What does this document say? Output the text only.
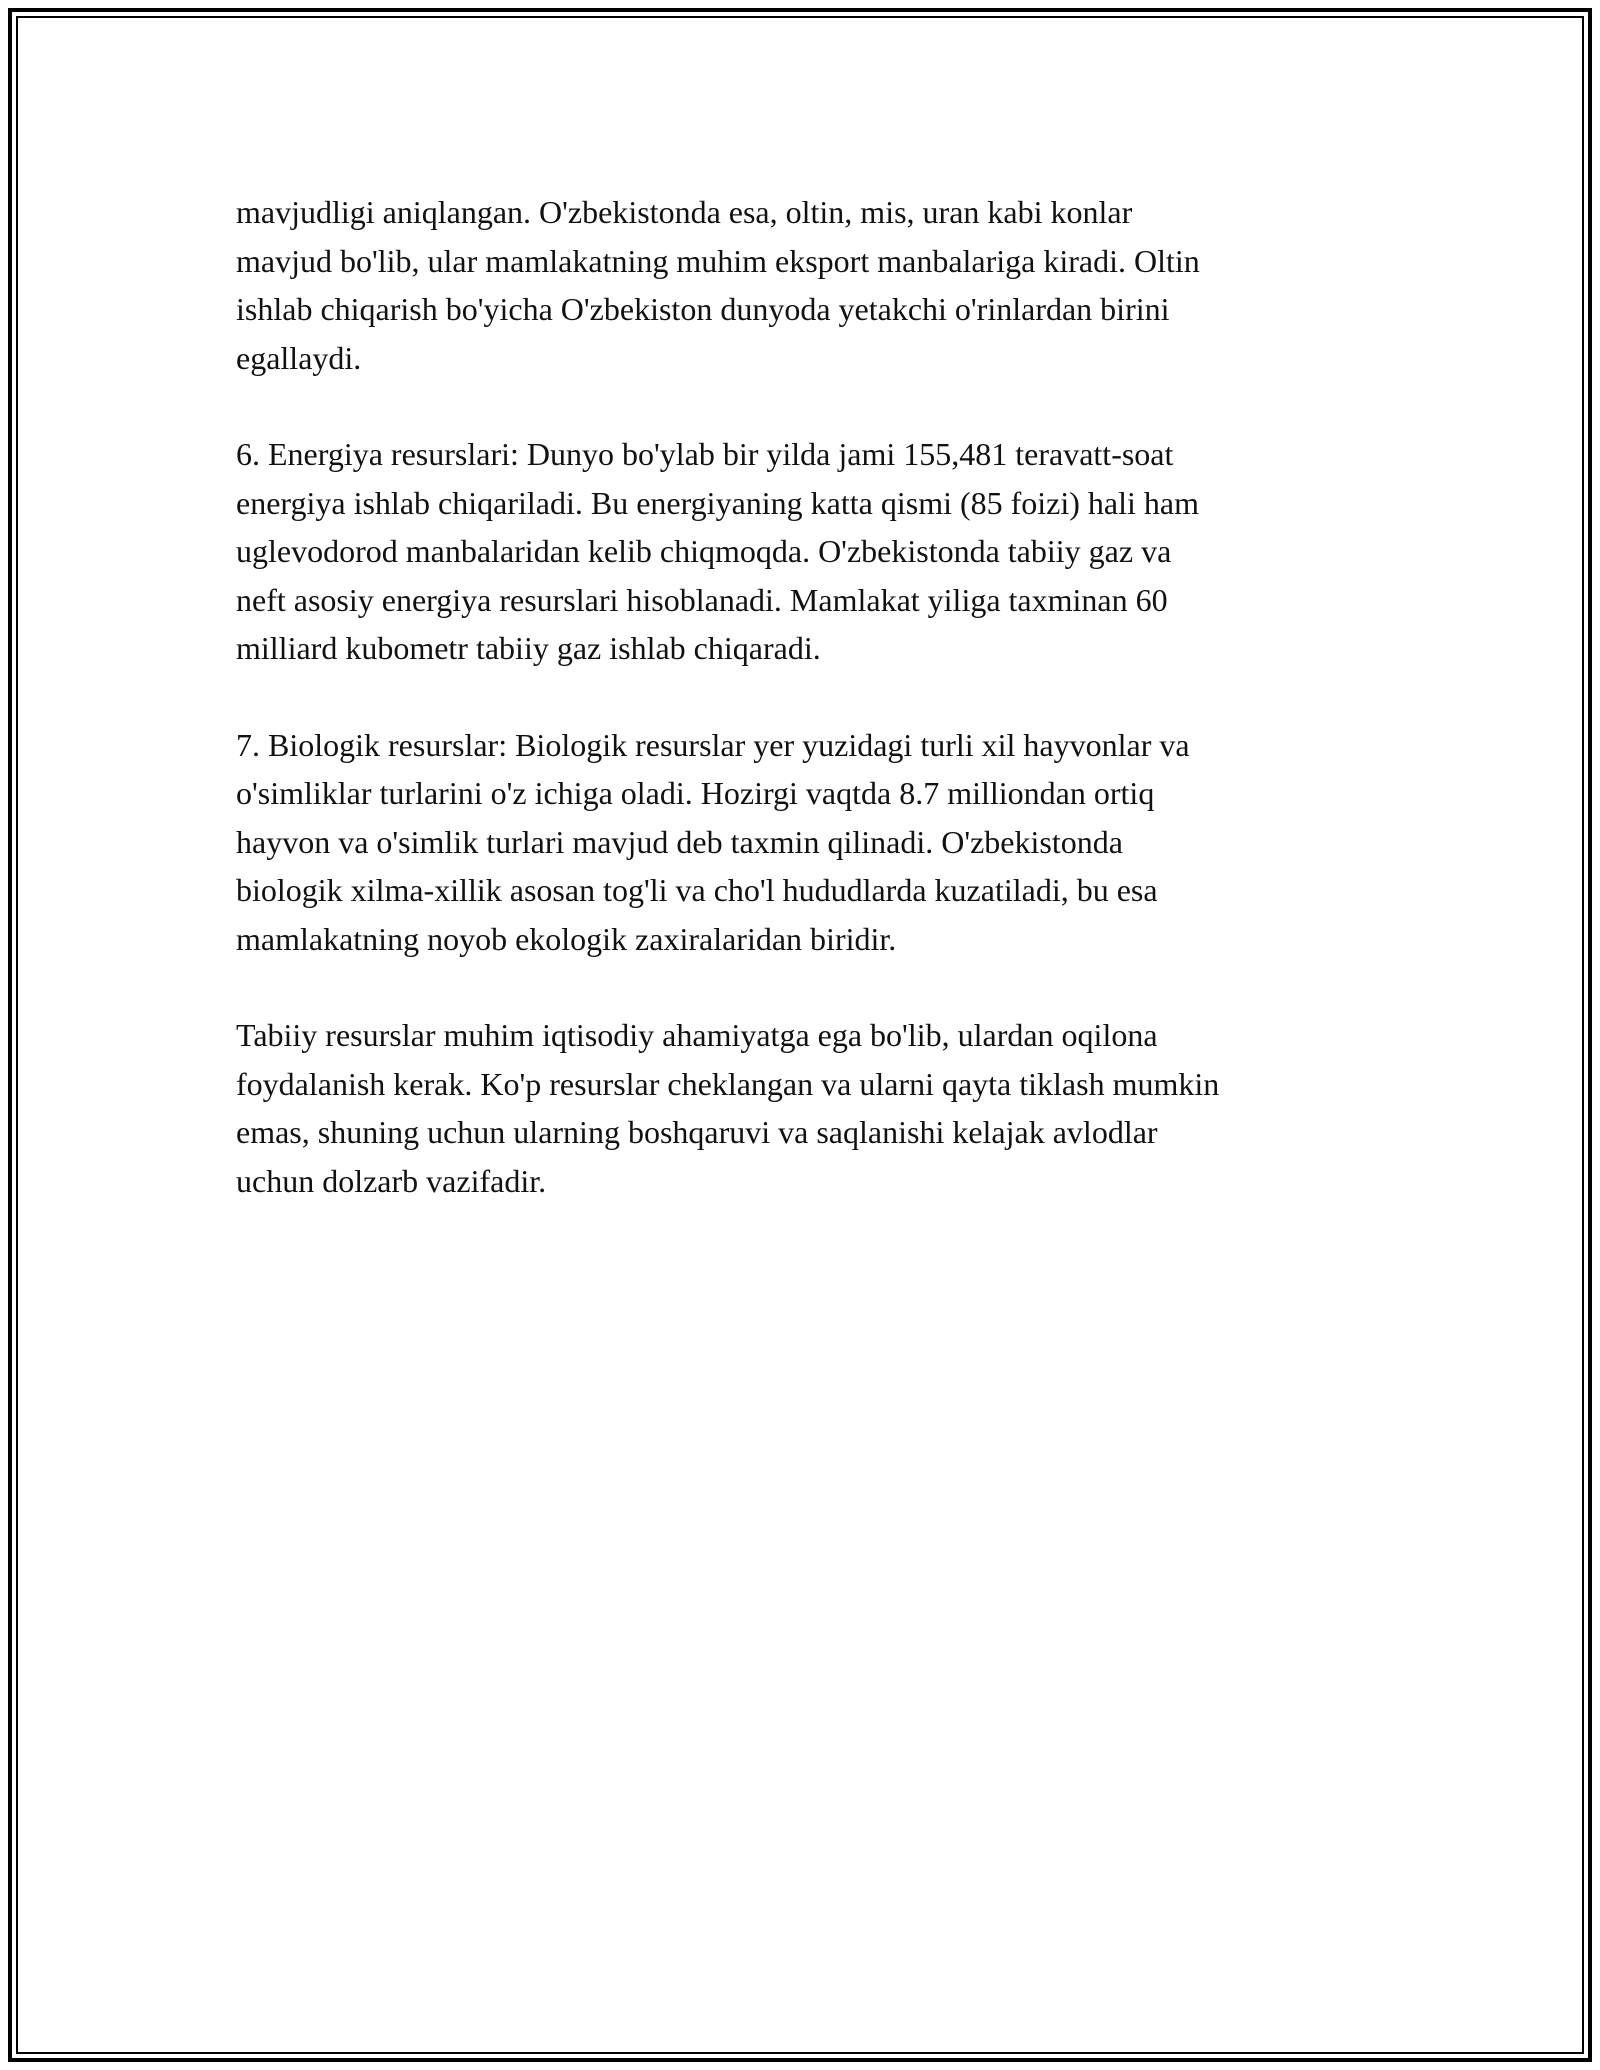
mavjudligi aniqlangan. O'zbekistonda esa, oltin, mis, uran kabi konlar
mavjud bo'lib, ular mamlakatning muhim eksport manbalariga kiradi. Oltin
ishlab chiqarish bo'yicha O'zbekiston dunyoda yetakchi o'rinlardan birini
egallaydi.

6. Energiya resurslari: Dunyo bo'ylab bir yilda jami 155,481 teravatt-soat
energiya ishlab chiqariladi. Bu energiyaning katta qismi (85 foizi) hali ham
uglevodorod manbalaridan kelib chiqmoqda. O'zbekistonda tabiiy gaz va
neft asosiy energiya resurslari hisoblanadi. Mamlakat yiliga taxminan 60
milliard kubometr tabiiy gaz ishlab chiqaradi.

7. Biologik resurslar: Biologik resurslar yer yuzidagi turli xil hayvonlar va
o'simliklar turlarini o'z ichiga oladi. Hozirgi vaqtda 8.7 milliondan ortiq
hayvon va o'simlik turlari mavjud deb taxmin qilinadi. O'zbekistonda
biologik xilma-xillik asosan tog'li va cho'l hududlarda kuzatiladi, bu esa
mamlakatning noyob ekologik zaxiralaridan biridir.

Tabiiy resurslar muhim iqtisodiy ahamiyatga ega bo'lib, ulardan oqilona
foydalanish kerak. Ko'p resurslar cheklangan va ularni qayta tiklash mumkin
emas, shuning uchun ularning boshqaruvi va saqlanishi kelajak avlodlar
uchun dolzarb vazifadir.
